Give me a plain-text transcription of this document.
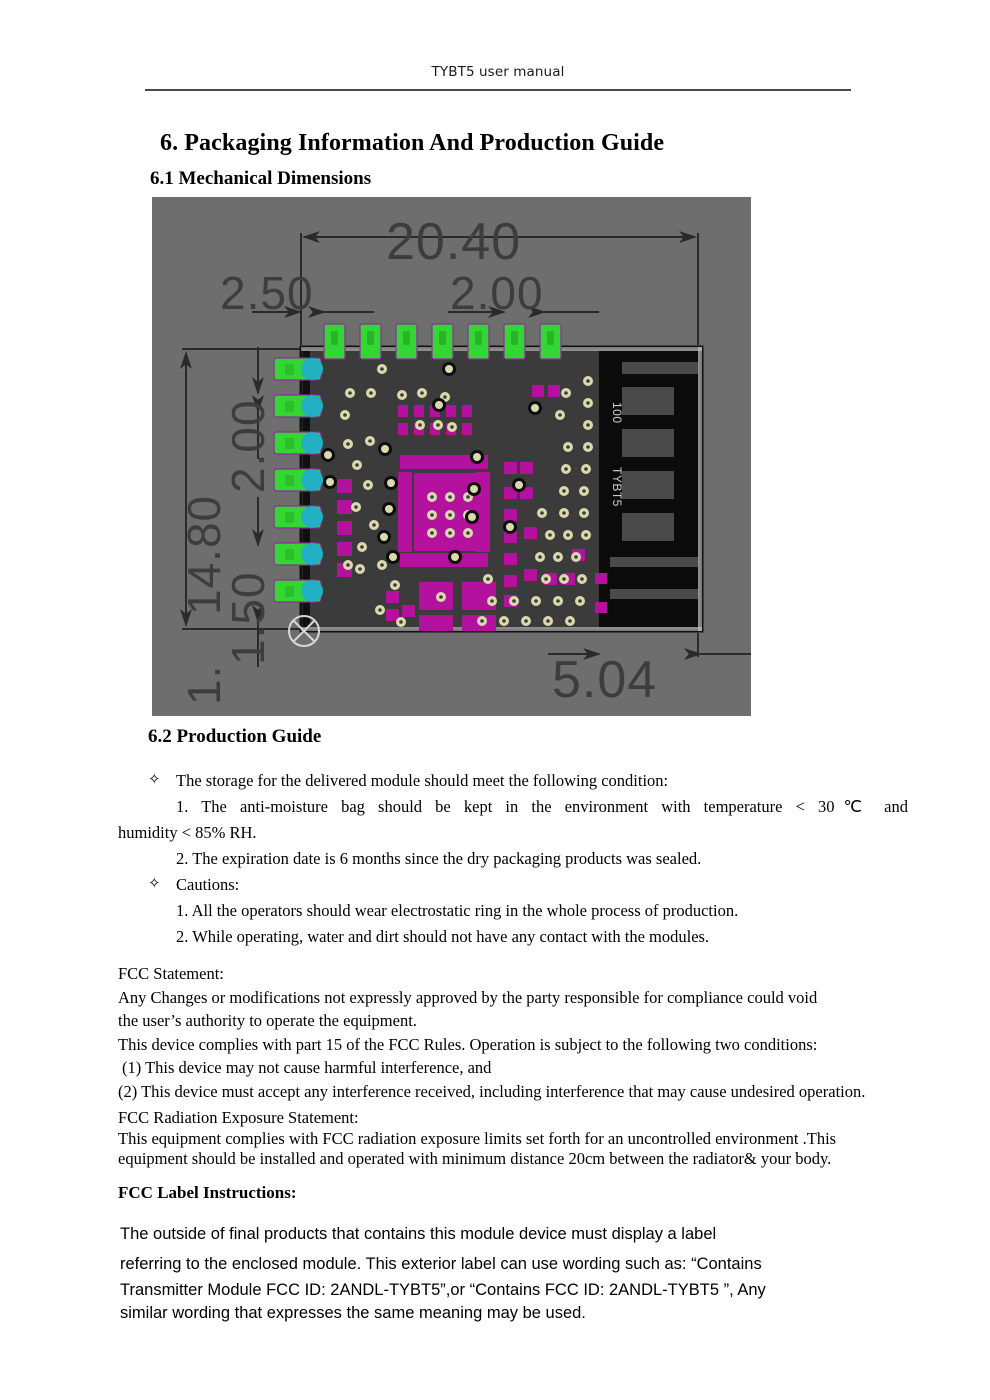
TYBT5 user manual
6. Packaging Information And Production Guide
6.1 Mechanical Dimensions
100
TYBT5
20.40
2.50	2.00
14.80
2.00
1.50
1.	5.04
6.2 Production Guide
✧ The storage for the delivered module should meet the following condition:
1. The anti-moisture bag should be kept in the environment with temperature < 30℃ and
humidity < 85% RH.
2. The expiration date is 6 months since the dry packaging products was sealed.
✧ Cautions:
1. All the operators should wear electrostatic ring in the whole process of production.
2. While operating, water and dirt should not have any contact with the modules.
FCC Statement:
Any Changes or modifications not expressly approved by the party responsible for compliance could void
the user’s authority to operate the equipment.
This device complies with part 15 of the FCC Rules. Operation is subject to the following two conditions:
(1) This device may not cause harmful interference, and
(2) This device must accept any interference received, including interference that may cause undesired operation.
FCC Radiation Exposure Statement:
This equipment complies with FCC radiation exposure limits set forth for an uncontrolled environment .This
equipment should be installed and operated with minimum distance 20cm between the radiator& your body.
FCC Label Instructions:
The outside of final products that contains this module device must display a label
referring to the enclosed module. This exterior label can use wording such as: “Contains
Transmitter Module FCC ID: 2ANDL-TYBT5”,or “Contains FCC ID: 2ANDL-TYBT5 ”, Any
similar wording that expresses the same meaning may be used.
